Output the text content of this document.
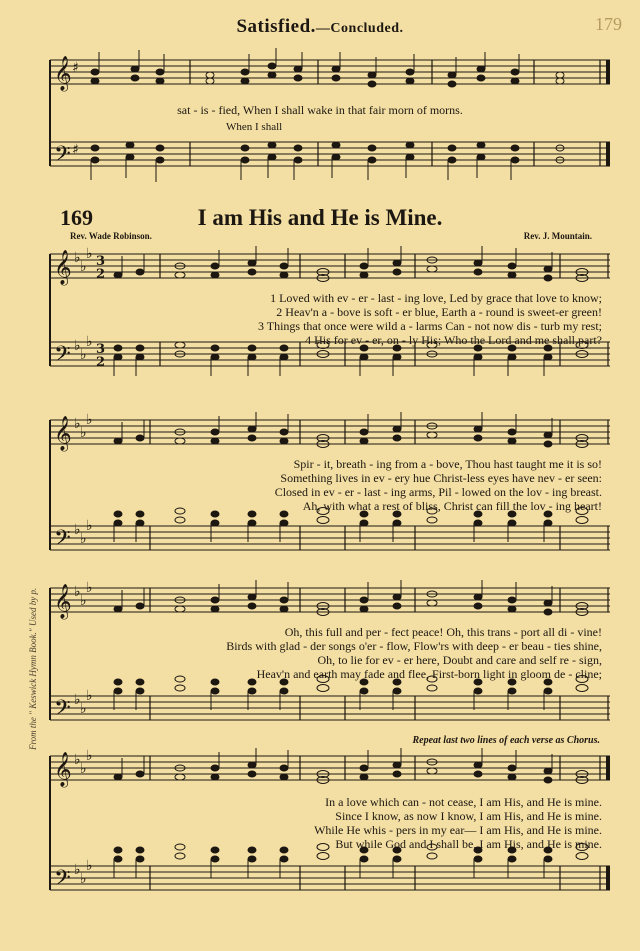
𝄞
𝄢
𝄞
𝄢
𝄞
𝄢
𝄞
𝄢
𝄞
𝄢
♭
♭
♭
♭
♭
♭
♭
♭
♭
♭
♭
♭
♭
♭
♭
♭
♭
♭
♭
♭
♭
♭
♭
♭
♯
♯
3
2
3
2
Satisfied.—Concluded.	179
sat - is - fied, When I shall wake in that fair morn of morns.
When I shall
169	I am His and He is Mine.
Rev. Wade Robinson.	Rev. J. Mountain.
1 Loved with ev - er - last - ing love, Led by grace that love to know;
2 Heav'n a - bove is soft - er blue, Earth a - round is sweet-er green!
3 Things that once were wild a - larms Can - not now dis - turb my rest;
4 His for ev - er, on - ly His; Who the Lord and me shall part?
Spir - it, breath - ing from a - bove, Thou hast taught me it is so!
Something lives in ev - ery hue Christ-less eyes have nev - er seen:
Closed in ev - er - last - ing arms, Pil - lowed on the lov - ing breast.
Ah, with what a rest of bliss, Christ can fill the lov - ing heart!
Oh, this full and per - fect peace! Oh, this trans - port all di - vine!
Birds with glad - der songs o'er - flow, Flow'rs with deep - er beau - ties shine,
Oh, to lie for ev - er here, Doubt and care and self re - sign,
Heav'n and earth may fade and flee, First-born light in gloom de - cline;
Repeat last two lines of each verse as Chorus.
In a love which can - not cease, I am His, and He is mine.
Since I know, as now I know, I am His, and He is mine.
While He whis - pers in my ear— I am His, and He is mine.
But while God and I shall be, I am His, and He is mine.
From the " Keswick Hymn Book." Used by p.
